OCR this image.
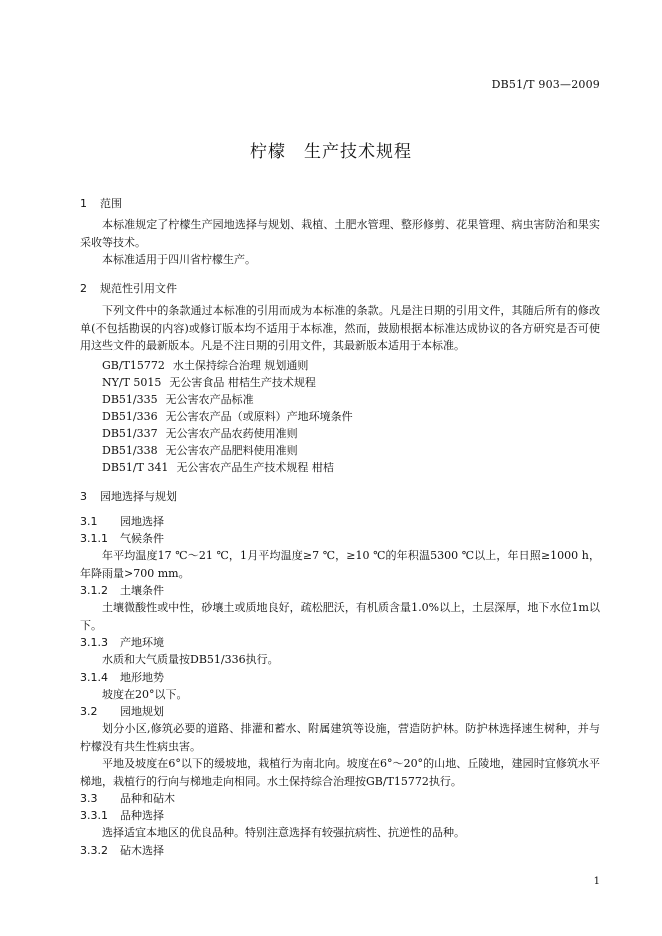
DB51/T 903—2009
柠檬　生产技术规程
1 范围

本标准规定了柠檬生产园地选择与规划、栽植、土肥水管理、整形修剪、花果管理、病虫害防治和果实采收等技术。

本标准适用于四川省柠檬生产。

2 规范性引用文件

下列文件中的条款通过本标准的引用而成为本标准的条款。凡是注日期的引用文件，其随后所有的修改单(不包括勘误的内容)或修订版本均不适用于本标准，然而，鼓励根据本标准达成协议的各方研究是否可使用这些文件的最新版本。凡是不注日期的引用文件，其最新版本适用于本标准。

GB/T15772 水土保持综合治理 规划通则
NY/T 5015 无公害食品 柑桔生产技术规程
DB51/335 无公害农产品标准
DB51/336 无公害农产品（或原料）产地环境条件
DB51/337 无公害农产品农药使用准则
DB51/338 无公害农产品肥料使用准则
DB51/T 341 无公害农产品生产技术规程 柑桔
3 园地选择与规划
3.1 园地选择
3.1.1 气候条件

年平均温度17 ℃～21 ℃，1月平均温度≥7 ℃，≥10 ℃的年积温5300 ℃以上，年日照≥1000 h，年降雨量>700 mm。

3.1.2 土壤条件

土壤微酸性或中性，砂壤土或质地良好，疏松肥沃，有机质含量1.0%以上，土层深厚，地下水位1m以下。

3.1.3 产地环境

水质和大气质量按DB51/336执行。

3.1.4 地形地势

坡度在20°以下。

3.2 园地规划

划分小区,修筑必要的道路、排灌和蓄水、附属建筑等设施，营造防护林。防护林选择速生树种，并与柠檬没有共生性病虫害。

平地及坡度在6°以下的缓坡地，栽植行为南北向。坡度在6°～20°的山地、丘陵地，建园时宜修筑水平梯地，栽植行的行向与梯地走向相同。水土保持综合治理按GB/T15772执行。

3.3 品种和砧木
3.3.1 品种选择

选择适宜本地区的优良品种。特别注意选择有较强抗病性、抗逆性的品种。

3.3.2 砧木选择
1
